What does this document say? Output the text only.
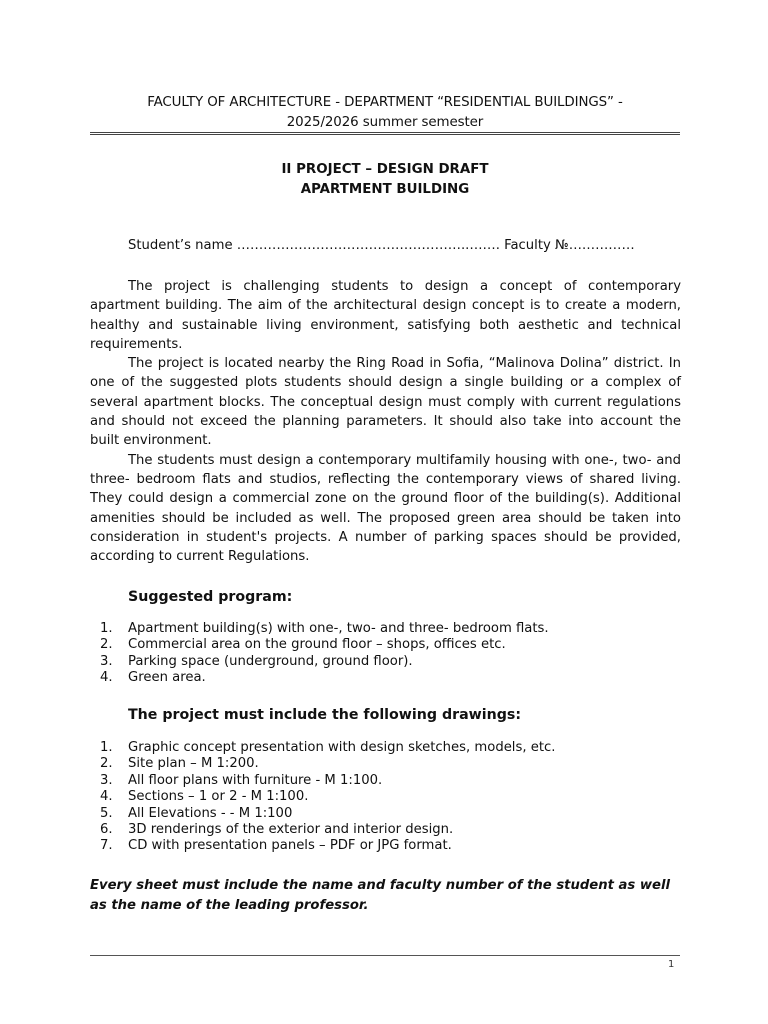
FACULTY OF ARCHITECTURE - DEPARTMENT “RESIDENTIAL BUILDINGS” -
2025/2026 summer semester
II PROJECT – DESIGN DRAFT
APARTMENT BUILDING
Student’s name ……………………………………………..……. Faculty №……………

The project is challenging students to design a concept of contemporary apartment building. The aim of the architectural design concept is to create a modern, healthy and sustainable living environment, satisfying both aesthetic and technical requirements.

The project is located nearby the Ring Road in Sofia, “Malinova Dolina” district. In one of the suggested plots students should design a single building or a complex of several apartment blocks. The conceptual design must comply with current regulations and should not exceed the planning parameters. It should also take into account the built environment.

The students must design a contemporary multifamily housing with one-, two- and three- bedroom flats and studios, reflecting the contemporary views of shared living. They could design a commercial zone on the ground floor of the building(s). Additional amenities should be included as well. The proposed green area should be taken into consideration in student's projects. A number of parking spaces should be provided, according to current Regulations.

Suggested program:
1. Apartment building(s) with one-, two- and three- bedroom flats.
2. Commercial area on the ground floor – shops, offices etc.
3. Parking space (underground, ground floor).
4. Green area.
The project must include the following drawings:
1. Graphic concept presentation with design sketches, models, etc.
2. Site plan – M 1:200.
3. All floor plans with furniture - M 1:100.
4. Sections – 1 or 2 - M 1:100.
5. All Elevations - - M 1:100
6. 3D renderings of the exterior and interior design.
7. CD with presentation panels – PDF or JPG format.
Every sheet must include the name and faculty number of the student as well as the name of the leading professor.
1
